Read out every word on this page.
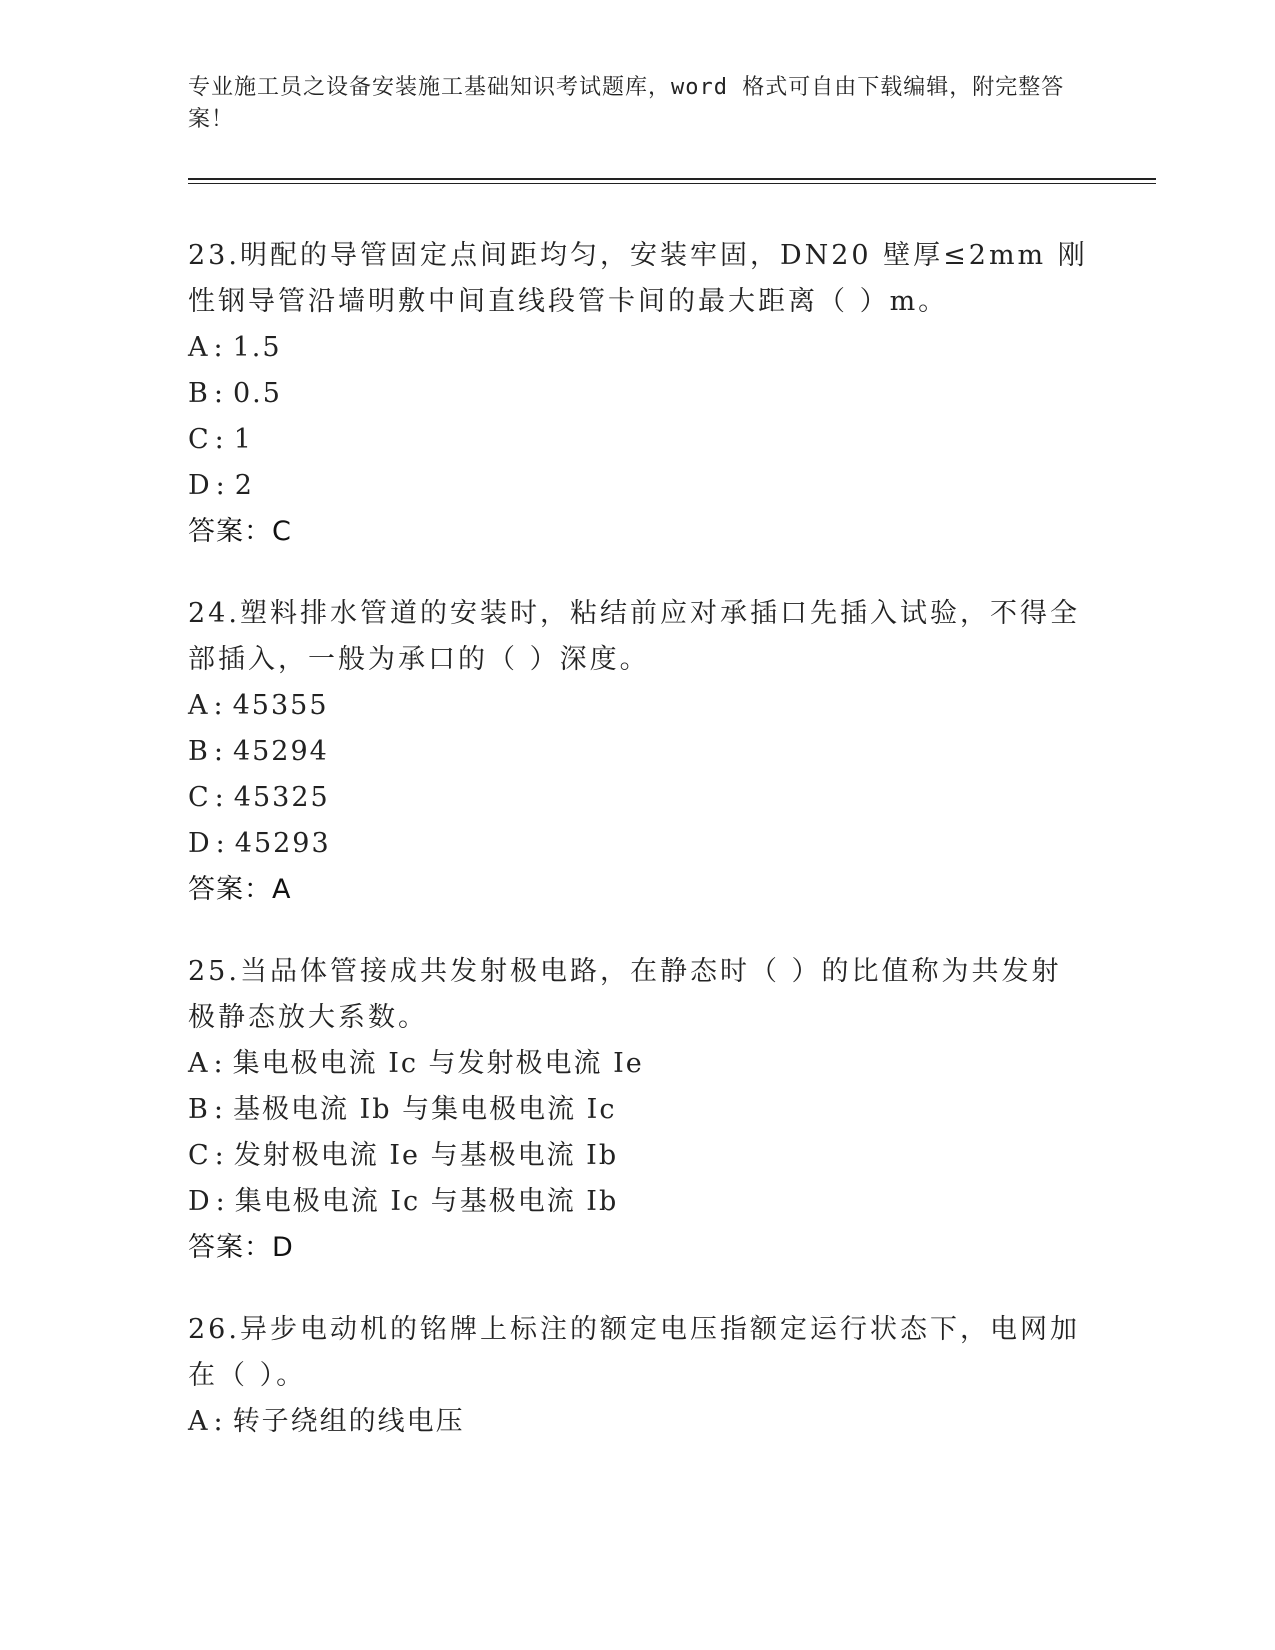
专业施工员之设备安装施工基础知识考试题库，word 格式可自由下载编辑，附完整答案！

23.明配的导管固定点间距均匀，安装牢固，DN20 壁厚≤2mm 刚性钢导管沿墙明敷中间直线段管卡间的最大距离（ ）m。

A : 1.5

B : 0.5

C : 1

D : 2

答案：C

24.塑料排水管道的安装时，粘结前应对承插口先插入试验，不得全部插入，一般为承口的（ ）深度。

A : 45355

B : 45294

C : 45325

D : 45293

答案：A

25.当品体管接成共发射极电路，在静态时（ ）的比值称为共发射极静态放大系数。

A : 集电极电流 Ic 与发射极电流 Ie

B : 基极电流 Ib 与集电极电流 Ic

C : 发射极电流 Ie 与基极电流 Ib

D : 集电极电流 Ic 与基极电流 Ib

答案：D

26.异步电动机的铭牌上标注的额定电压指额定运行状态下，电网加在（ ）。

A : 转子绕组的线电压
